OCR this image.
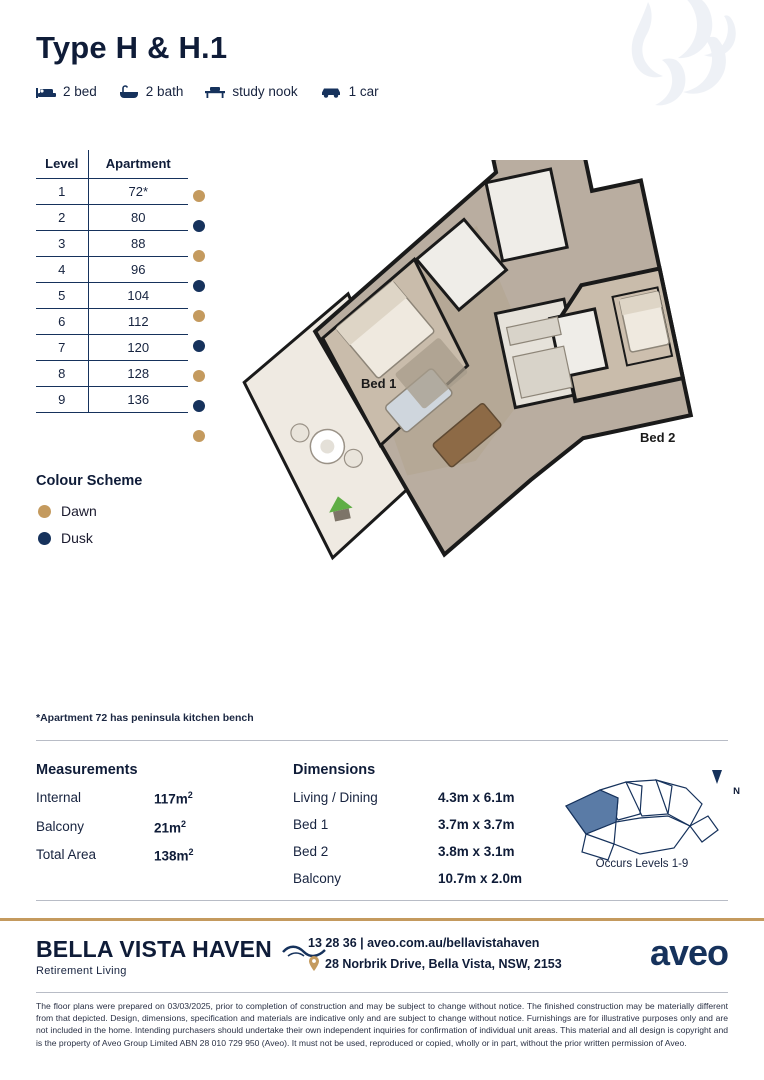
Type H & H.1
2 bed	2 bath	study nook	1 car
Level	Apartment
1	72*
2	80
3	88
4	96
5	104
6	112
7	120
8	128
9	136
Colour Scheme
Dawn
Dusk
Bed 1
Bed 2
*Apartment 72 has peninsula kitchen bench
Measurements
Internal	$117m^2$
Balcony	$21m^2$
Total Area	$138m^2$
Dimensions
Living / Dining	4.3m x 6.1m
Bed 1	3.7m x 3.7m
Bed 2	3.8m x 3.1m
Balcony	10.7m x 2.0m
N
Occurs Levels 1-9
BELLA VISTA HAVEN
Retirement Living
13 28 36 | aveo.com.au/bellavistahaven
28 Norbrik Drive, Bella Vista, NSW, 2153 aveo
The floor plans were prepared on 03/03/2025, prior to completion of construction and may be subject to change without notice. The finished construction may be materially different from that depicted. Design, dimensions, specification and materials are indicative only and are subject to change without notice. Furnishings are for illustrative purposes only and are not included in the home. Intending purchasers should undertake their own independent inquiries for confirmation of individual unit areas. This material and all design is copyright and is the property of Aveo Group Limited ABN 28 010 729 950 (Aveo). It must not be used, reproduced or copied, wholly or in part, without the prior written permission of Aveo.
